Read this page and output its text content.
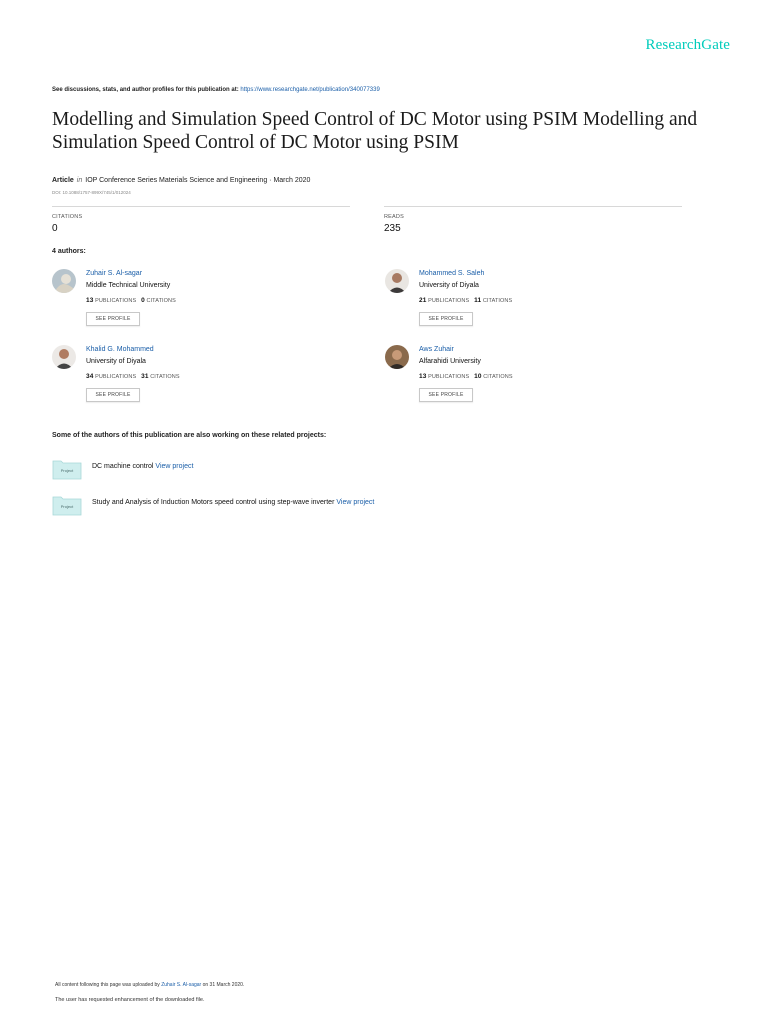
ResearchGate
See discussions, stats, and author profiles for this publication at: https://www.researchgate.net/publication/340077339
Modelling and Simulation Speed Control of DC Motor using PSIM Modelling and Simulation Speed Control of DC Motor using PSIM
Article in IOP Conference Series Materials Science and Engineering · March 2020
DOI: 10.1088/1757-899X/745/1/012024
CITATIONS
0
READS
235
4 authors:
Zuhair S. Al-sagar
Middle Technical University
13 PUBLICATIONS 0 CITATIONS
SEE PROFILE
Mohammed S. Saleh
University of Diyala
21 PUBLICATIONS 11 CITATIONS
SEE PROFILE
Khalid G. Mohammed
University of Diyala
34 PUBLICATIONS 31 CITATIONS
SEE PROFILE
Aws Zuhair
Alfarahidi University
13 PUBLICATIONS 10 CITATIONS
SEE PROFILE
Some of the authors of this publication are also working on these related projects:
Project
DC machine control View project
Project
Study and Analysis of Induction Motors speed control using step-wave inverter View project
All content following this page was uploaded by Zuhair S. Al-sagar on 31 March 2020.
The user has requested enhancement of the downloaded file.
